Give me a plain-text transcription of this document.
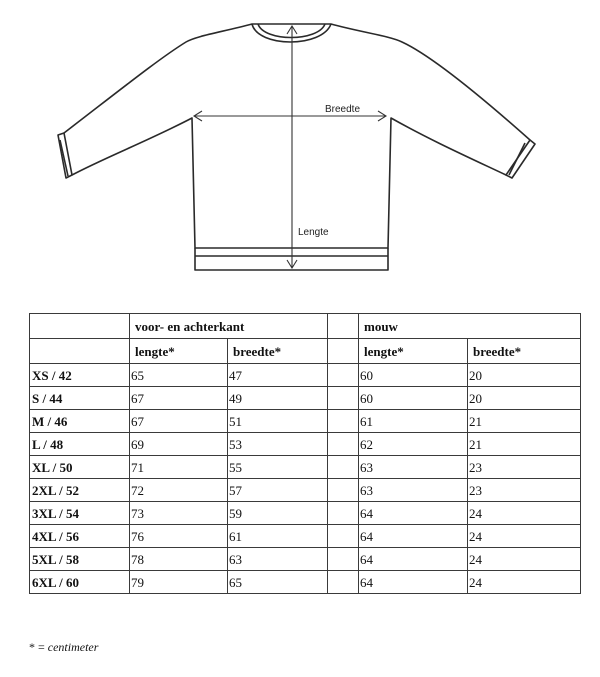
Breedte
Lengte
	voor- en achterkant			mouw	
	lengte*	breedte*		lengte*	breedte*
XS / 42	65	47		60	20
S / 44	67	49		60	20
M / 46	67	51		61	21
L / 48	69	53		62	21
XL / 50	71	55		63	23
2XL / 52	72	57		63	23
3XL / 54	73	59		64	24
4XL / 56	76	61		64	24
5XL / 58	78	63		64	24
6XL / 60	79	65		64	24
* = centimeter
